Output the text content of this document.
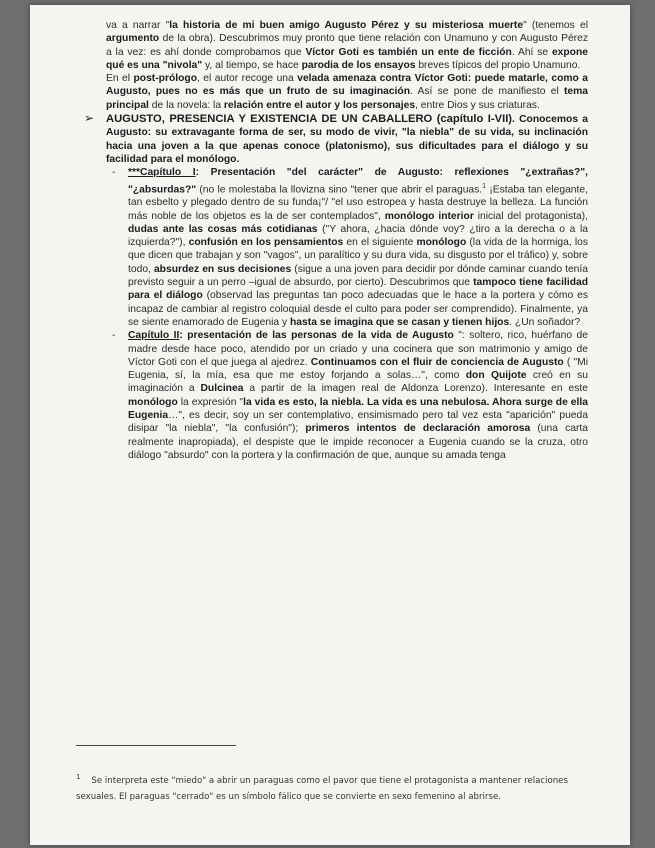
va a narrar "la historia de mi buen amigo Augusto Pérez y su misteriosa muerte" (tenemos el argumento de la obra). Descubrimos muy pronto que tiene relación con Unamuno y con Augusto Pérez a la vez: es ahí donde comprobamos que Víctor Goti es también un ente de ficción. Ahí se expone qué es una "nivola" y, al tiempo, se hace parodia de los ensayos breves típicos del propio Unamuno.

En el post-prólogo, el autor recoge una velada amenaza contra Víctor Goti: puede matarle, como a Augusto, pues no es más que un fruto de su imaginación. Así se pone de manifiesto el tema principal de la novela: la relación entre el autor y los personajes, entre Dios y sus criaturas.

➢ AUGUSTO, PRESENCIA Y EXISTENCIA DE UN CABALLERO (capítulo I-VII). Conocemos a Augusto: su extravagante forma de ser, su modo de vivir, "la niebla" de su vida, su inclinación hacia una joven a la que apenas conoce (platonismo), sus dificultades para el diálogo y su facilidad para el monólogo.

- ***Capítulo I: Presentación "del carácter" de Augusto: reflexiones "¿extrañas?", "¿absurdas?" (no le molestaba la llovizna sino "tener que abrir el paraguas.$^1$ ¡Estaba tan elegante, tan esbelto y plegado dentro de su funda¡"/ "el uso estropea y hasta destruye la belleza. La función más noble de los objetos es la de ser contemplados", monólogo interior inicial del protagonista), dudas ante las cosas más cotidianas ("Y ahora, ¿hacia dónde voy? ¿tiro a la derecha o a la izquierda?"), confusión en los pensamientos en el siguiente monólogo (la vida de la hormiga, los que dicen que trabajan y son "vagos", un paralítico y su dura vida, su disgusto por el tráfico) y, sobre todo, absurdez en sus decisiones (sigue a una joven para decidir por dónde caminar cuando tenía previsto seguir a un perro –igual de absurdo, por cierto). Descubrimos que tampoco tiene facilidad para el diálogo (observad las preguntas tan poco adecuadas que le hace a la portera y cómo es incapaz de cambiar al registro coloquial desde el culto para poder ser comprendido). Finalmente, ya se siente enamorado de Eugenia y hasta se imagina que se casan y tienen hijos. ¿Un soñador?

- Capítulo II: presentación de las personas de la vida de Augusto ": soltero, rico, huérfano de madre desde hace poco, atendido por un criado y una cocinera que son matrimonio y amigo de Víctor Goti con el que juega al ajedrez. Continuamos con el fluir de conciencia de Augusto ( "Mi Eugenia, sí, la mía, esa que me estoy forjando a solas…", como don Quijote creó en su imaginación a Dulcinea a partir de la imagen real de Aldonza Lorenzo). Interesante en este monólogo la expresión "la vida es esto, la niebla. La vida es una nebulosa. Ahora surge de ella Eugenia…", es decir, soy un ser contemplativo, ensimismado pero tal vez esta "aparición" pueda disipar "la niebla", "la confusión"); primeros intentos de declaración amorosa (una carta realmente inapropiada), el despiste que le impide reconocer a Eugenia cuando se la cruza, otro diálogo "absurdo" con la portera y la confirmación de que, aunque su amada tenga

$^1$ Se interpreta este "miedo" a abrir un paraguas como el pavor que tiene el protagonista a mantener relaciones sexuales. El paraguas "cerrado" es un símbolo fálico que se convierte en sexo femenino al abrirse.
